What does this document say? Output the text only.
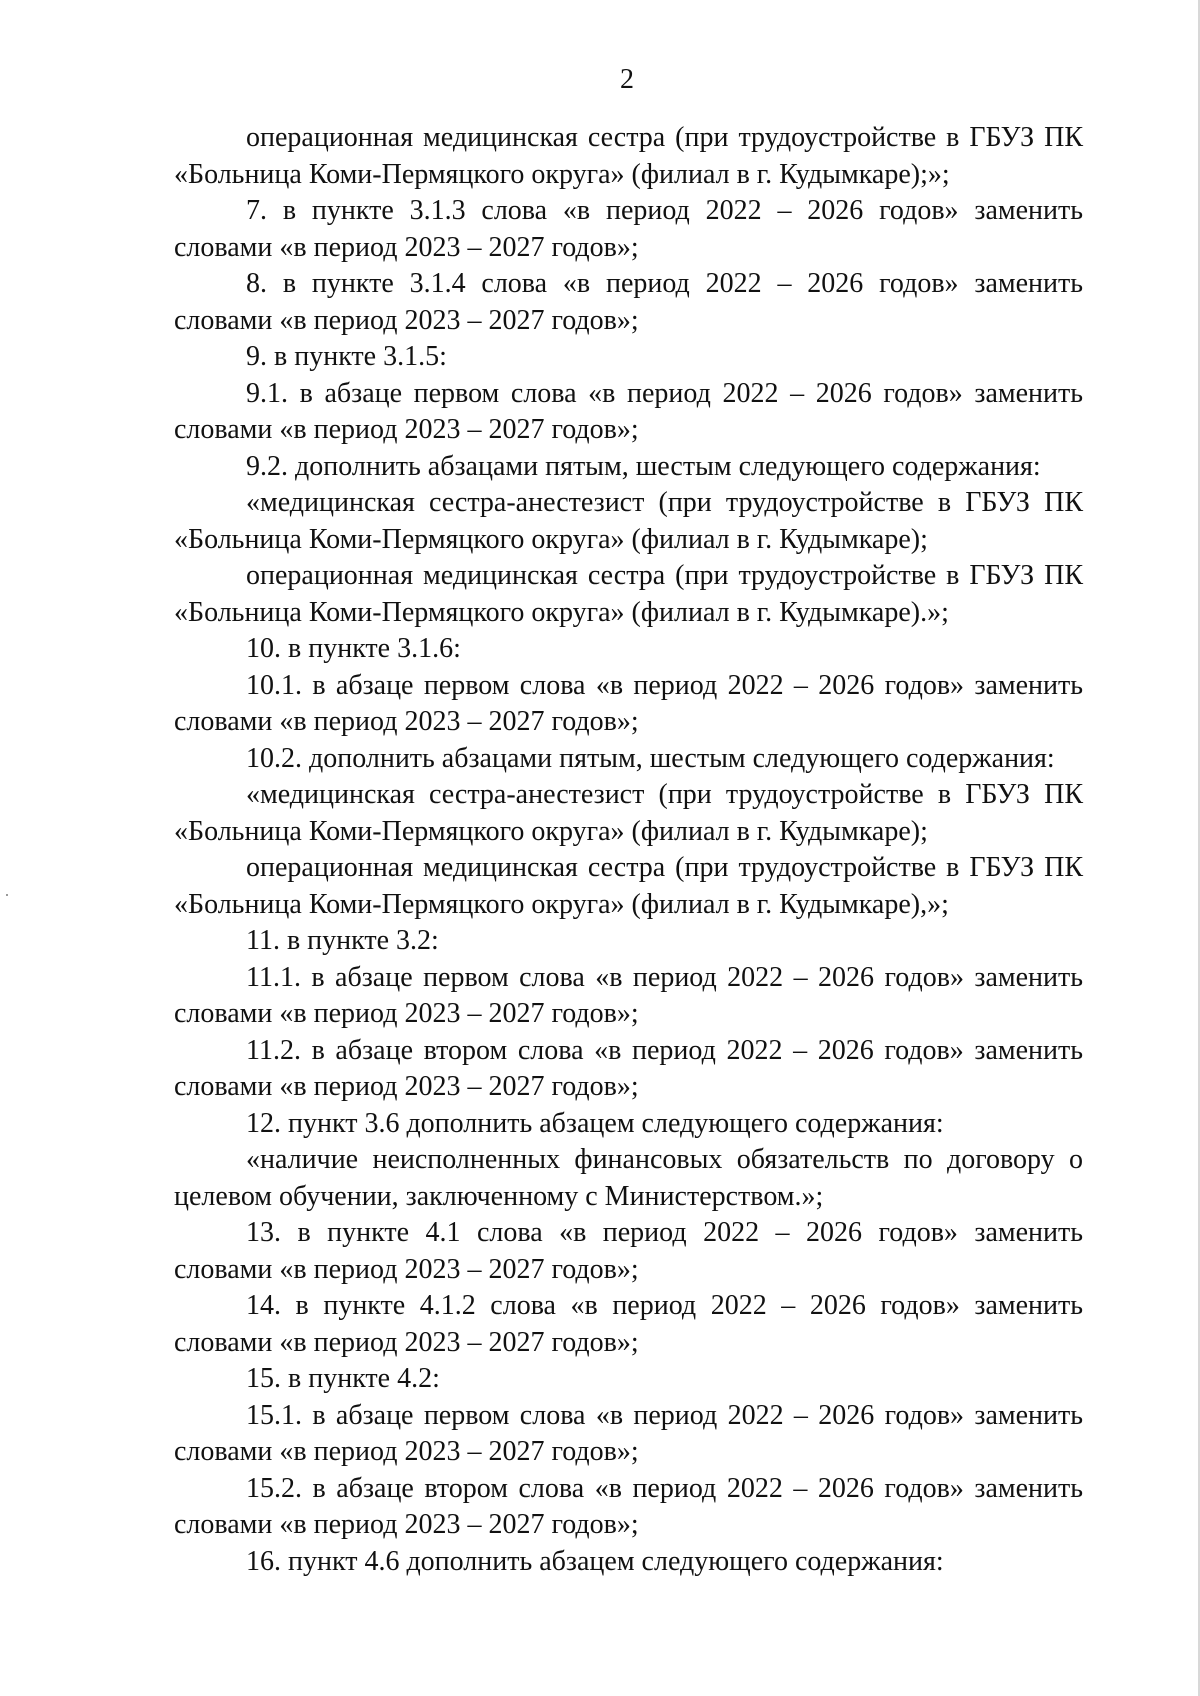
2

операционная медицинская сестра (при трудоустройстве в ГБУЗ ПК «Больница Коми-Пермяцкого округа» (филиал в г. Кудымкаре);»;

7. в пункте 3.1.3 слова «в период 2022 – 2026 годов» заменить словами «в период 2023 – 2027 годов»;

8. в пункте 3.1.4 слова «в период 2022 – 2026 годов» заменить словами «в период 2023 – 2027 годов»;

9. в пункте 3.1.5:

9.1. в абзаце первом слова «в период 2022 – 2026 годов» заменить словами «в период 2023 – 2027 годов»;

9.2. дополнить абзацами пятым, шестым следующего содержания:

«медицинская сестра-анестезист (при трудоустройстве в ГБУЗ ПК «Больница Коми-Пермяцкого округа» (филиал в г. Кудымкаре);

операционная медицинская сестра (при трудоустройстве в ГБУЗ ПК «Больница Коми-Пермяцкого округа» (филиал в г. Кудымкаре).»;

10. в пункте 3.1.6:

10.1. в абзаце первом слова «в период 2022 – 2026 годов» заменить словами «в период 2023 – 2027 годов»;

10.2. дополнить абзацами пятым, шестым следующего содержания:

«медицинская сестра-анестезист (при трудоустройстве в ГБУЗ ПК «Больница Коми-Пермяцкого округа» (филиал в г. Кудымкаре);

операционная медицинская сестра (при трудоустройстве в ГБУЗ ПК «Больница Коми-Пермяцкого округа» (филиал в г. Кудымкаре),»;

11. в пункте 3.2:

11.1. в абзаце первом слова «в период 2022 – 2026 годов» заменить словами «в период 2023 – 2027 годов»;

11.2. в абзаце втором слова «в период 2022 – 2026 годов» заменить словами «в период 2023 – 2027 годов»;

12. пункт 3.6 дополнить абзацем следующего содержания:

«наличие неисполненных финансовых обязательств по договору о целевом обучении, заключенному с Министерством.»;

13. в пункте 4.1 слова «в период 2022 – 2026 годов» заменить словами «в период 2023 – 2027 годов»;

14. в пункте 4.1.2 слова «в период 2022 – 2026 годов» заменить словами «в период 2023 – 2027 годов»;

15. в пункте 4.2:

15.1. в абзаце первом слова «в период 2022 – 2026 годов» заменить словами «в период 2023 – 2027 годов»;

15.2. в абзаце втором слова «в период 2022 – 2026 годов» заменить словами «в период 2023 – 2027 годов»;

16. пункт 4.6 дополнить абзацем следующего содержания:
